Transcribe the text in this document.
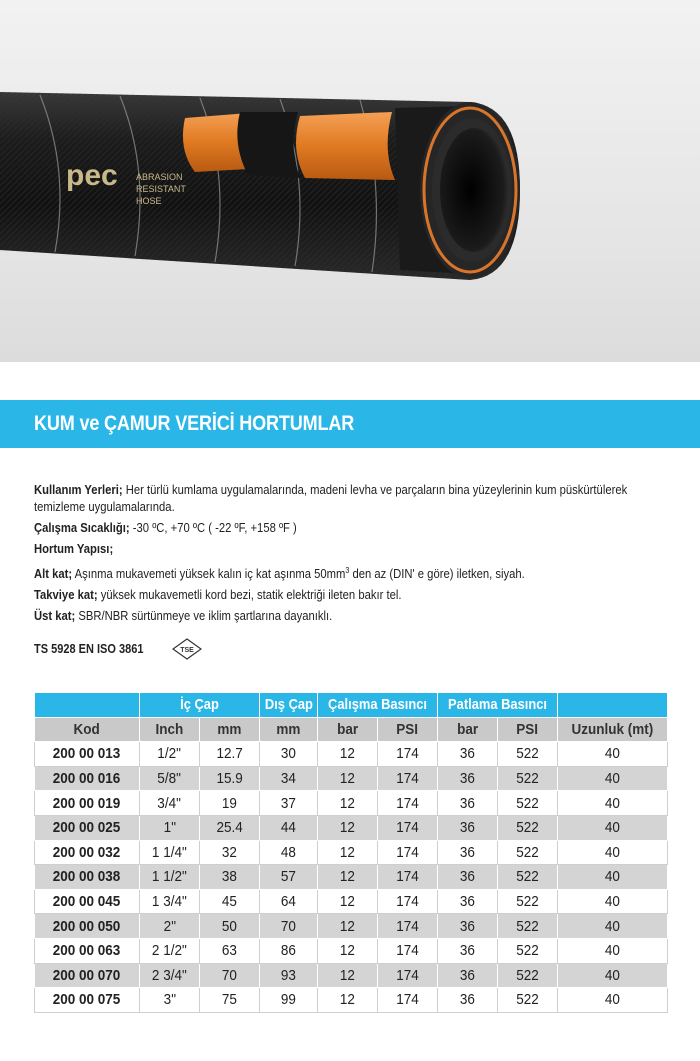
pec ABRASION
RESISTANT
HOSE
KUM ve ÇAMUR VERİCİ HORTUMLAR

Kullanım Yerleri; Her türlü kumlama uygulamalarında, madeni levha ve parçaların bina yüzeylerinin kum püskürtülerek temizleme uygulamalarında.

Çalışma Sıcaklığı; -30 ºC, +70 ºC ( -22 ºF, +158 ºF )

Hortum Yapısı;

Alt kat; Aşınma mukavemeti yüksek kalın iç kat aşınma $50mm^3$ den az (DIN' e göre) iletken, siyah.

Takviye kat; yüksek mukavemetli kord bezi, statik elektriği ileten bakır tel.

Üst kat; SBR/NBR sürtünmeye ve iklim şartlarına dayanıklı.

TS 5928 EN ISO 3861	TSE
	İç Çap		Dış Çap	Çalışma Basıncı		Patlama Basıncı		
Kod	Inch	mm	mm	bar	PSI	bar	PSI	Uzunluk (mt)
200 00 013	1/2"	12.7	30	12	174	36	522	40
200 00 016	5/8"	15.9	34	12	174	36	522	40
200 00 019	3/4"	19	37	12	174	36	522	40
200 00 025	1"	25.4	44	12	174	36	522	40
200 00 032	1 1/4"	32	48	12	174	36	522	40
200 00 038	1 1/2"	38	57	12	174	36	522	40
200 00 045	1 3/4"	45	64	12	174	36	522	40
200 00 050	2"	50	70	12	174	36	522	40
200 00 063	2 1/2"	63	86	12	174	36	522	40
200 00 070	2 3/4"	70	93	12	174	36	522	40
200 00 075	3"	75	99	12	174	36	522	40
